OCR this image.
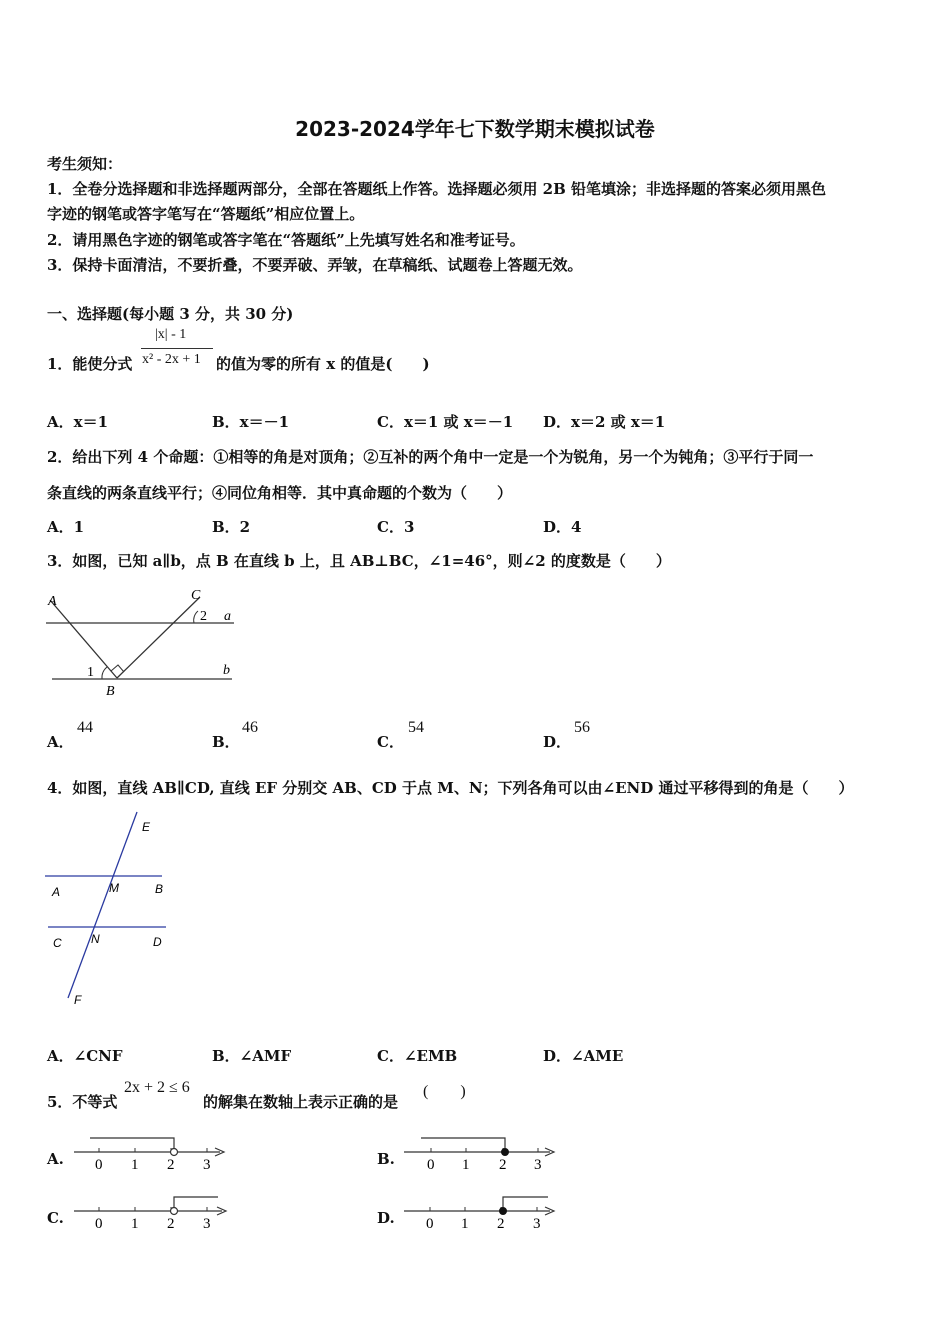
2023-2024学年七下数学期末模拟试卷
考生须知：
1．全卷分选择题和非选择题两部分，全部在答题纸上作答。选择题必须用 2B 铅笔填涂；非选择题的答案必须用黑色
字迹的钢笔或答字笔写在“答题纸”相应位置上。
2．请用黑色字迹的钢笔或答字笔在“答题纸”上先填写姓名和准考证号。
3．保持卡面清洁，不要折叠，不要弄破、弄皱，在草稿纸、试题卷上答题无效。
一、选择题(每小题 3 分，共 30 分)
1．能使分式
|x| - 1
x² - 2x + 1 的值为零的所有 x 的值是(　　)
A．x＝1	B．x＝－1	C．x＝1 或 x＝－1 D．x＝2 或 x＝1
2．给出下列 4 个命题：①相等的角是对顶角；②互补的两个角中一定是一个为锐角，另一个为钝角；③平行于同一
条直线的两条直线平行；④同位角相等．其中真命题的个数为（　　）
A．1	B．2	C．3	D．4
3．如图，已知 a∥b，点 B 在直线 b 上，且 AB⊥BC，∠1=46°，则∠2 的度数是（　　）
A	C
2 a
b
1
B
A．
44
B．
46
C．
54
D．
56
4．如图，直线 AB∥CD, 直线 EF 分别交 AB、CD 于点 M、N；下列各角可以由∠END 通过平移得到的角是（　　）
E
A	M	B
C N	D
F
A．∠CNF	B．∠AMF	C．∠EMB	D．∠AME
5．不等式
2x + 2 ≤ 6
的解集在数轴上表示正确的是
(　　)
A. 0 1 2 3	B. 0 1 2 3
C. 0 1 2 3	D. 0 1 2 3
